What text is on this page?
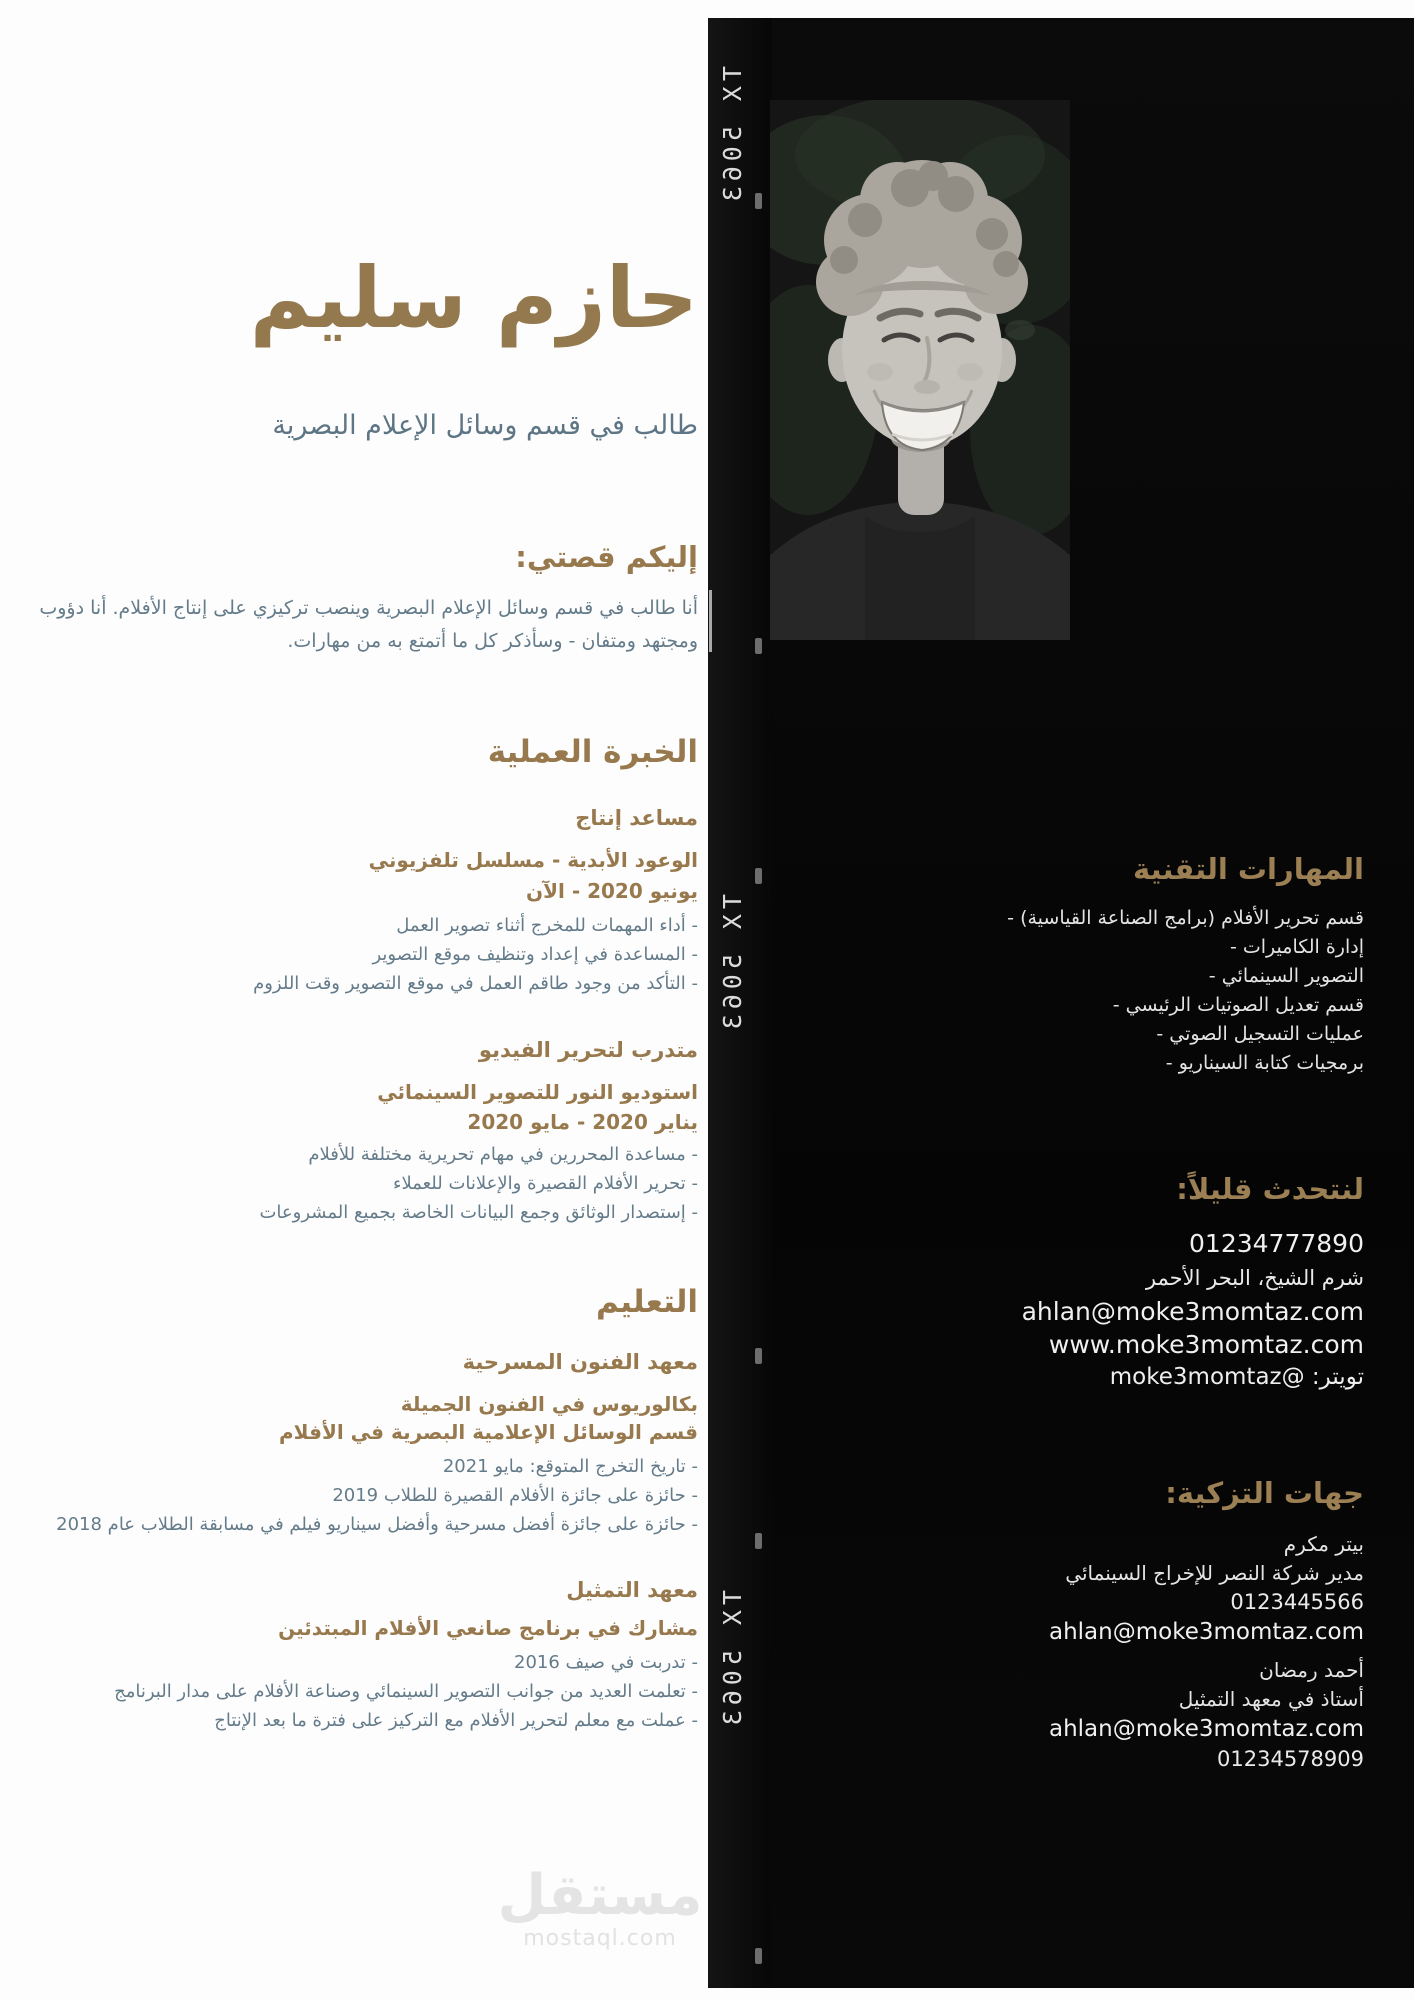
حازم سليم
طالب في قسم وسائل الإعلام البصرية
إليكم قصتي:
أنا طالب في قسم وسائل الإعلام البصرية وينصب تركيزي على إنتاج الأفلام. أنا دؤوب ومجتهد ومتفان - وسأذكر كل ما أتمتع به من مهارات.
الخبرة العملية
مساعد إنتاج
الوعود الأبدية - مسلسل تلفزيوني
يونيو 2020 - الآن
- أداء المهمات للمخرج أثناء تصوير العمل
- المساعدة في إعداد وتنظيف موقع التصوير
- التأكد من وجود طاقم العمل في موقع التصوير وقت اللزوم
متدرب لتحرير الفيديو
استوديو النور للتصوير السينمائي
يناير 2020 - مايو 2020
- مساعدة المحررين في مهام تحريرية مختلفة للأفلام
- تحرير الأفلام القصيرة والإعلانات للعملاء
- إستصدار الوثائق وجمع البيانات الخاصة بجميع المشروعات
التعليم
معهد الفنون المسرحية
بكالوريوس في الفنون الجميلة
قسم الوسائل الإعلامية البصرية في الأفلام
- تاريخ التخرج المتوقع: مايو 2021
- حائزة على جائزة الأفلام القصيرة للطلاب 2019
- حائزة على جائزة أفضل مسرحية وأفضل سيناريو فيلم في مسابقة الطلاب عام 2018
معهد التمثيل
مشارك في برنامج صانعي الأفلام المبتدئين
- تدربت في صيف 2016
- تعلمت العديد من جوانب التصوير السينمائي وصناعة الأفلام على مدار البرنامج
- عملت مع معلم لتحرير الأفلام مع التركيز على فترة ما بعد الإنتاج
مستقل
mostaql.com
TX 5063
TX 5063
TX 5063
المهارات التقنية
قسم تحرير الأفلام (برامج الصناعة القياسية) -
إدارة الكاميرات -
التصوير السينمائي -
قسم تعديل الصوتيات الرئيسي -
عمليات التسجيل الصوتي -
برمجيات كتابة السيناريو -
لنتحدث قليلاً:
01234777890
شرم الشيخ، البحر الأحمر
ahlan@moke3momtaz.com
www.moke3momtaz.com
تويتر: @moke3momtaz
جهات التزكية:
بيتر مكرم
مدير شركة النصر للإخراج السينمائي
0123445566
ahlan@moke3momtaz.com
أحمد رمضان
أستاذ في معهد التمثيل
ahlan@moke3momtaz.com
01234578909
